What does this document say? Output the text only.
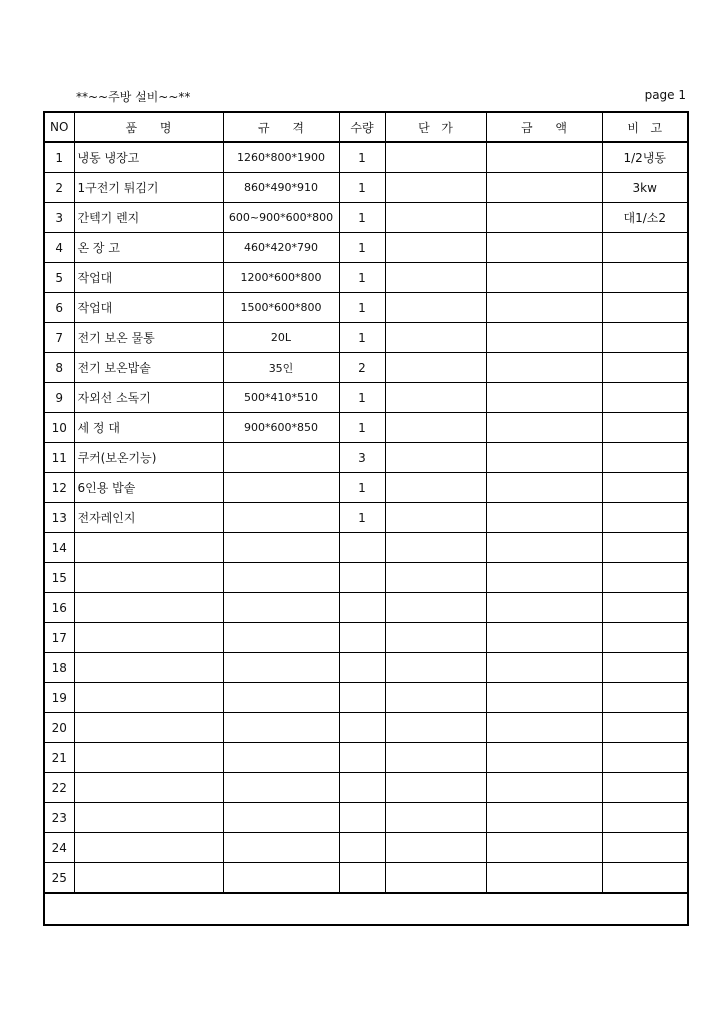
**~~주방 설비~~**	page 1
NO	품      명	규      격	수량	단   가	금      액	비   고
1	냉동 냉장고	1260*800*1900	1			1/2냉동
2	1구전기 튀김기	860*490*910	1			3kw
3	간텍기 렌지	600~900*600*800	1			대1/소2
4	온 장 고	460*420*790	1			
5	작업대	1200*600*800	1			
6	작업대	1500*600*800	1			
7	전기 보온 물통	20L	1			
8	전기 보온밥솥	35인	2			
9	자외선 소독기	500*410*510	1			
10	세 정 대	900*600*850	1			
11	쿠커(보온기능)		3			
12	6인용 밥솥		1			
13	전자레인지		1			
14						
15						
16						
17						
18						
19						
20						
21						
22						
23						
24						
25						
